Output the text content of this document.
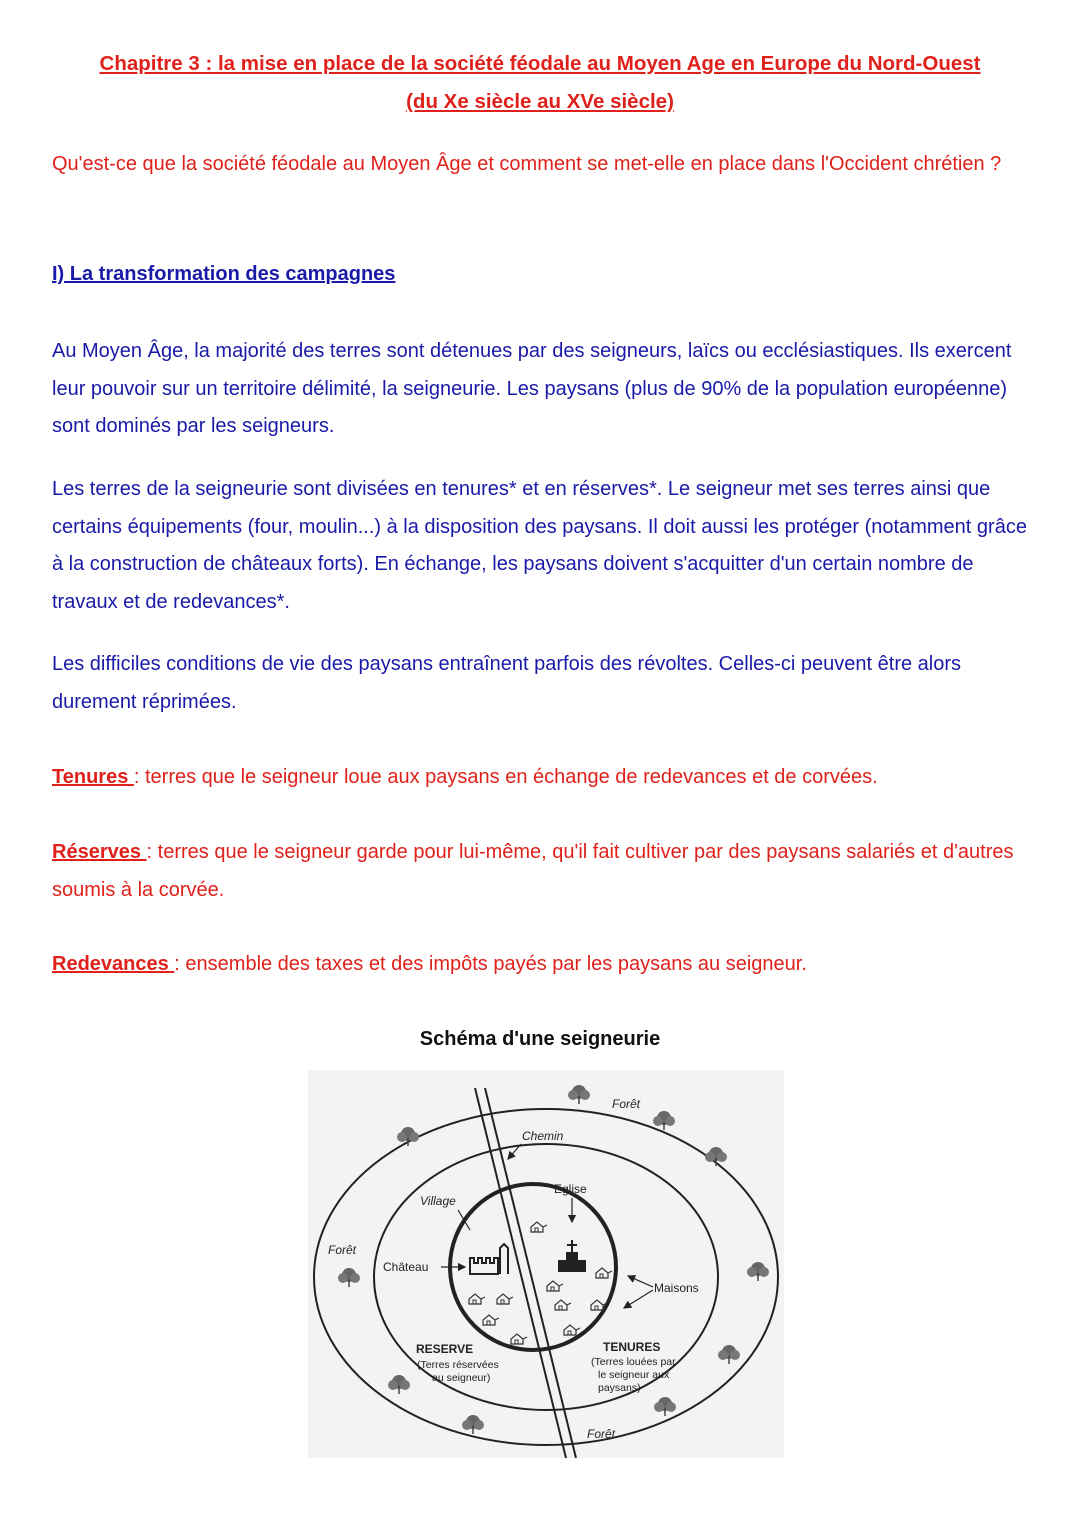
Chapitre 3 : la mise en place de la société féodale au Moyen Age en Europe du Nord-Ouest
(du Xe siècle au XVe siècle)

Qu'est-ce que la société féodale au Moyen Âge et comment se met-elle en place dans l'Occident chrétien ?

I) La transformation des campagnes

Au Moyen Âge, la majorité des terres sont détenues par des seigneurs, laïcs ou ecclésiastiques. Ils exercent leur pouvoir sur un territoire délimité, la seigneurie. Les paysans (plus de 90% de la population européenne) sont dominés par les seigneurs.

Les terres de la seigneurie sont divisées en tenures* et en réserves*. Le seigneur met ses terres ainsi que certains équipements (four, moulin...) à la disposition des paysans. Il doit aussi les protéger (notamment grâce à la construction de châteaux forts). En échange, les paysans doivent s'acquitter d'un certain nombre de travaux et de redevances*.

Les difficiles conditions de vie des paysans entraînent parfois des révoltes. Celles-ci peuvent être alors durement réprimées.

Tenures : terres que le seigneur loue aux paysans en échange de redevances et de corvées.

Réserves : terres que le seigneur garde pour lui-même, qu'il fait cultiver par des paysans salariés et d'autres soumis à la corvée.

Redevances : ensemble des taxes et des impôts payés par les paysans au seigneur.

Schéma d'une seigneurie
Forêt
Forêt
Forêt
Chemin
Eglise
Village
Château
Maisons
RESERVE
(Terres réservées
au seigneur)
TENURES
(Terres louées par
le seigneur aux
paysans)
